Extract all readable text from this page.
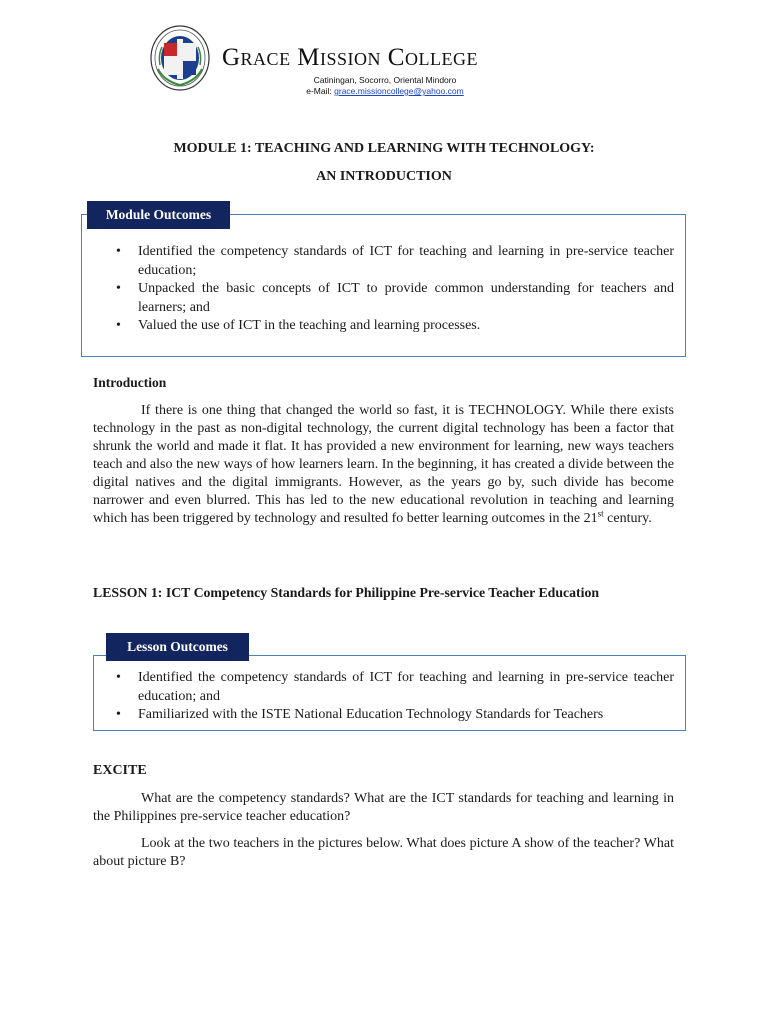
Grace Mission College
Catiningan, Socorro, Oriental Mindoro
e-Mail: grace.missioncollege@yahoo.com
MODULE 1: TEACHING AND LEARNING WITH TECHNOLOGY:
AN INTRODUCTION
Module Outcomes
• Identified the competency standards of ICT for teaching and learning in pre-service teacher education;
• Unpacked the basic concepts of ICT to provide common understanding for teachers and learners; and
• Valued the use of ICT in the teaching and learning processes.
Introduction

If there is one thing that changed the world so fast, it is TECHNOLOGY. While there exists technology in the past as non-digital technology, the current digital technology has been a factor that shrunk the world and made it flat. It has provided a new environment for learning, new ways teachers teach and also the new ways of how learners learn. In the beginning, it has created a divide between the digital natives and the digital immigrants. However, as the years go by, such divide has become narrower and even blurred. This has led to the new educational revolution in teaching and learning which has been triggered by technology and resulted fo better learning outcomes in the 21st century.

LESSON 1: ICT Competency Standards for Philippine Pre-service Teacher Education
Lesson Outcomes
• Identified the competency standards of ICT for teaching and learning in pre-service teacher education; and
• Familiarized with the ISTE National Education Technology Standards for Teachers
EXCITE

What are the competency standards? What are the ICT standards for teaching and learning in the Philippines pre-service teacher education?

Look at the two teachers in the pictures below. What does picture A show of the teacher? What about picture B?
